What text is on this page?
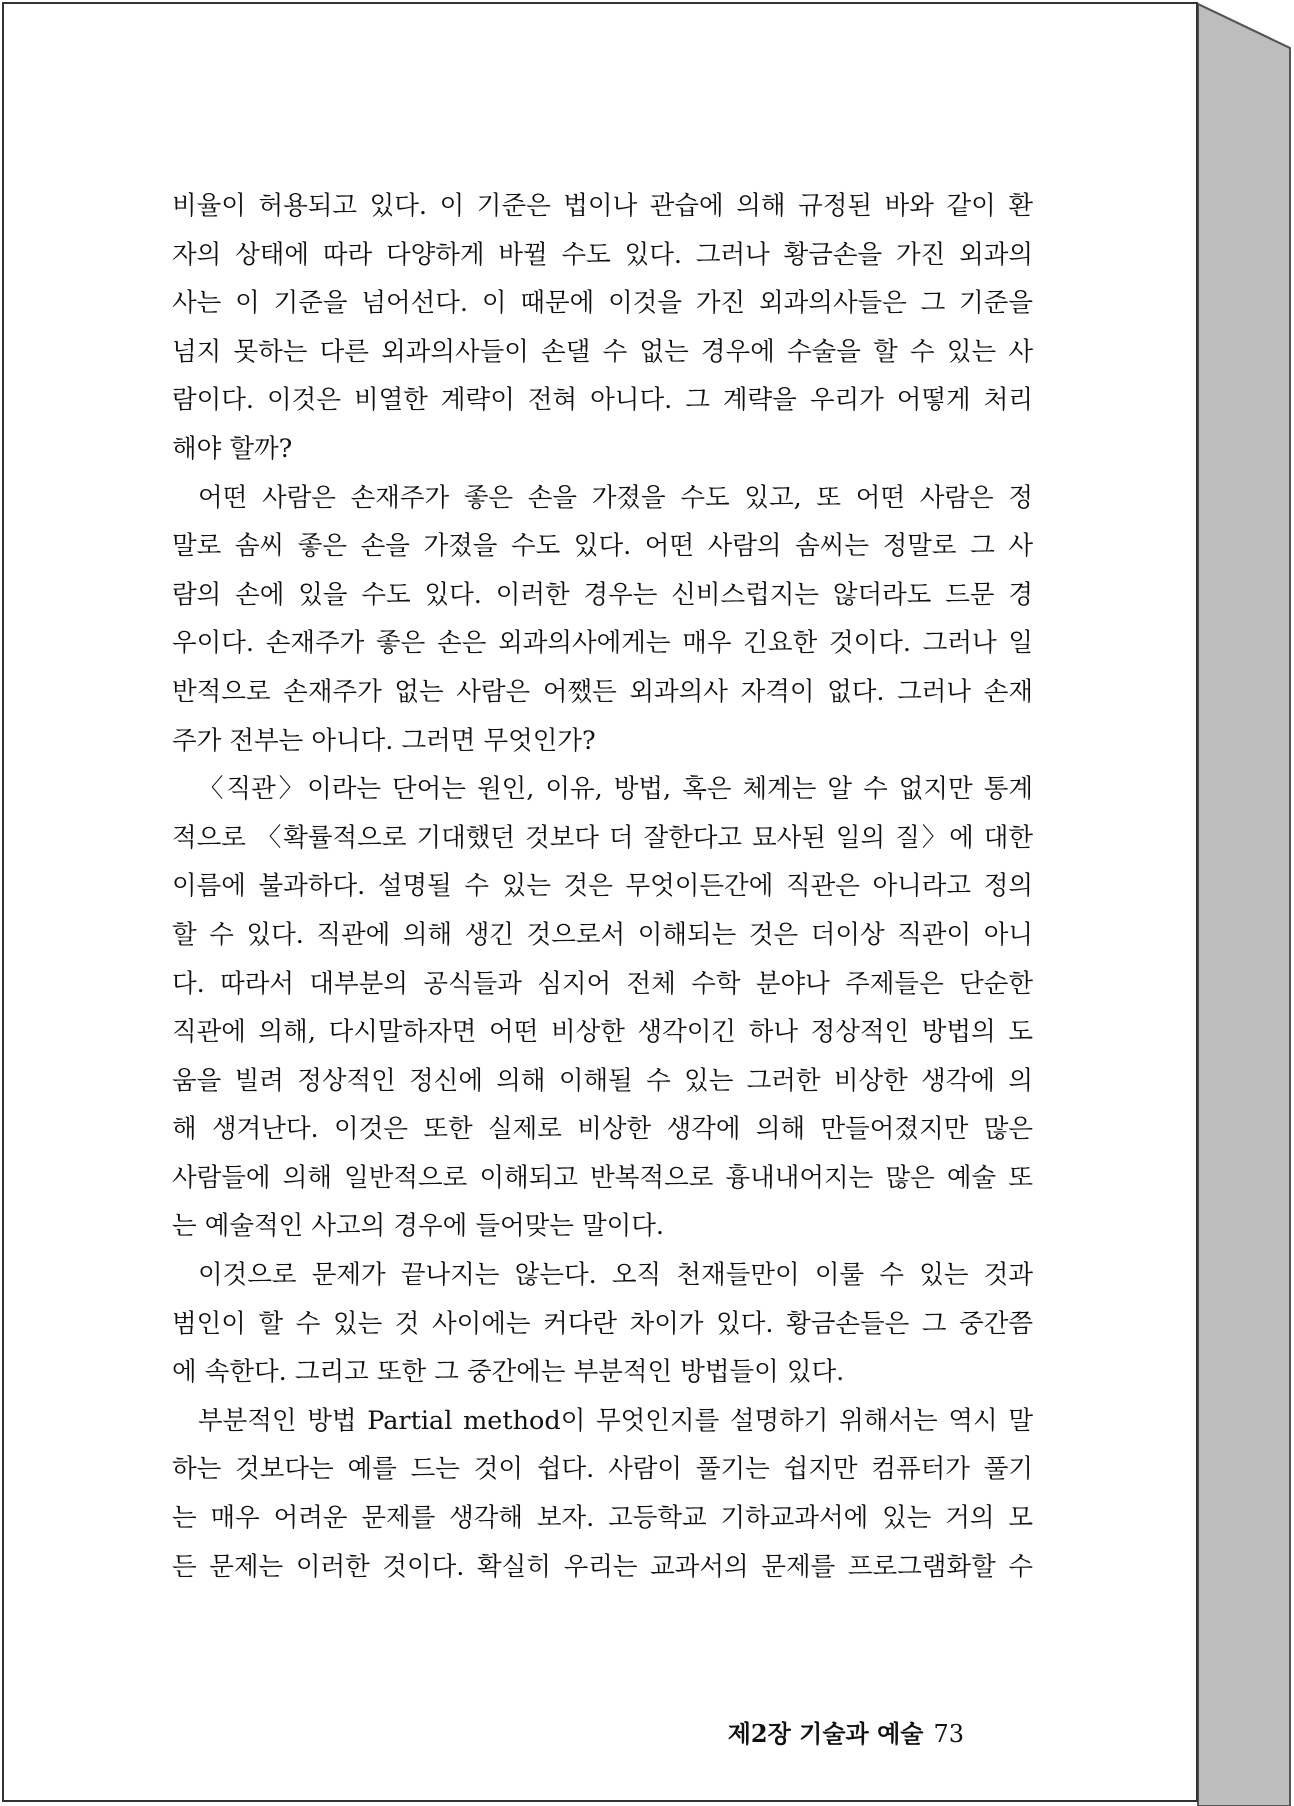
비율이 허용되고 있다. 이 기준은 법이나 관습에 의해 규정된 바와 같이 환
자의 상태에 따라 다양하게 바뀔 수도 있다. 그러나 황금손을 가진 외과의
사는 이 기준을 넘어선다. 이 때문에 이것을 가진 외과의사들은 그 기준을
넘지 못하는 다른 외과의사들이 손댈 수 없는 경우에 수술을 할 수 있는 사
람이다. 이것은 비열한 계략이 전혀 아니다. 그 계략을 우리가 어떻게 처리
해야 할까?

어떤 사람은 손재주가 좋은 손을 가졌을 수도 있고, 또 어떤 사람은 정
말로 솜씨 좋은 손을 가졌을 수도 있다. 어떤 사람의 솜씨는 정말로 그 사
람의 손에 있을 수도 있다. 이러한 경우는 신비스럽지는 않더라도 드문 경
우이다. 손재주가 좋은 손은 외과의사에게는 매우 긴요한 것이다. 그러나 일
반적으로 손재주가 없는 사람은 어쨌든 외과의사 자격이 없다. 그러나 손재
주가 전부는 아니다. 그러면 무엇인가?

〈직관〉이라는 단어는 원인, 이유, 방법, 혹은 체계는 알 수 없지만 통계
적으로 〈확률적으로 기대했던 것보다 더 잘한다고 묘사된 일의 질〉에 대한
이름에 불과하다. 설명될 수 있는 것은 무엇이든간에 직관은 아니라고 정의
할 수 있다. 직관에 의해 생긴 것으로서 이해되는 것은 더이상 직관이 아니
다. 따라서 대부분의 공식들과 심지어 전체 수학 분야나 주제들은 단순한
직관에 의해, 다시말하자면 어떤 비상한 생각이긴 하나 정상적인 방법의 도
움을 빌려 정상적인 정신에 의해 이해될 수 있는 그러한 비상한 생각에 의
해 생겨난다. 이것은 또한 실제로 비상한 생각에 의해 만들어졌지만 많은
사람들에 의해 일반적으로 이해되고 반복적으로 흉내내어지는 많은 예술 또
는 예술적인 사고의 경우에 들어맞는 말이다.

이것으로 문제가 끝나지는 않는다. 오직 천재들만이 이룰 수 있는 것과
범인이 할 수 있는 것 사이에는 커다란 차이가 있다. 황금손들은 그 중간쯤
에 속한다. 그리고 또한 그 중간에는 부분적인 방법들이 있다.

부분적인 방법 Partial method이 무엇인지를 설명하기 위해서는 역시 말
하는 것보다는 예를 드는 것이 쉽다. 사람이 풀기는 쉽지만 컴퓨터가 풀기
는 매우 어려운 문제를 생각해 보자. 고등학교 기하교과서에 있는 거의 모
든 문제는 이러한 것이다. 확실히 우리는 교과서의 문제를 프로그램화할 수

제2장 기술과 예술 73
